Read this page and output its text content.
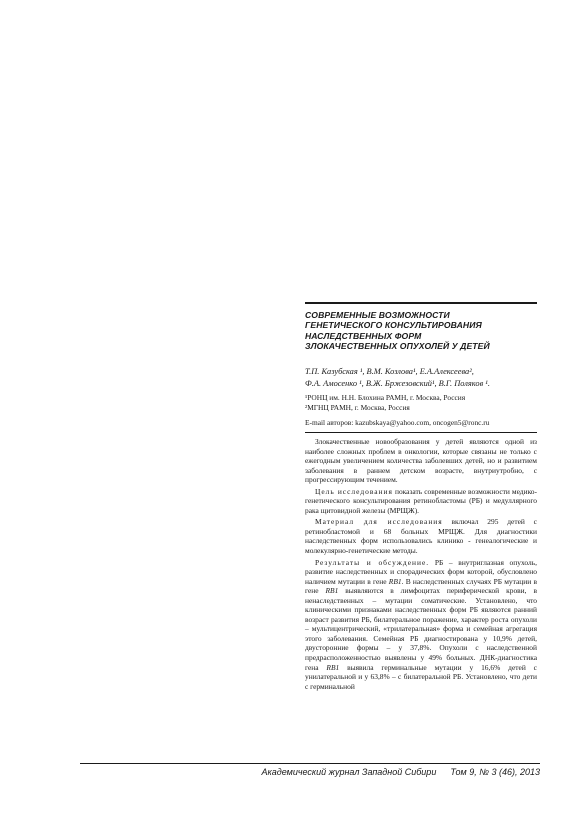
СОВРЕМЕННЫЕ ВОЗМОЖНОСТИ
ГЕНЕТИЧЕСКОГО КОНСУЛЬТИРОВАНИЯ
НАСЛЕДСТВЕННЫХ ФОРМ
ЗЛОКАЧЕСТВЕННЫХ ОПУХОЛЕЙ У ДЕТЕЙ
Т.П. Казубская ¹, В.М. Козлова¹, Е.А.Алексеева²,
Ф.А. Амосенко ¹, В.Ж. Бржезовский¹, В.Г. Поляков ¹.
¹РОНЦ им. Н.Н. Блохина РАМН, г. Москва, Россия
²МГНЦ РАМН, г. Москва, Россия
E-mail авторов: kazubskaya@yahoo.com, oncogen5@ronc.ru

Злокачественные новообразования у детей являются одной из наиболее сложных проблем в онкологии, которые связаны не только с ежегодным увеличением количества заболевших детей, но и развитием заболевания в раннем детском возрасте, внутриутробно, с прогрессирующим течением.

Цель исследования показать современные возможности медико-генетического консультирования ретинобластомы (РБ) и медуллярного рака щитовидной железы (МРЩЖ).

Материал для исследования включал 295 детей с ретинобластомой и 68 больных МРЩЖ. Для диагностики наследственных форм использовались клинико - генеалогические и молекулярно-генетические методы.

Результаты и обсуждение. РБ – внутриглазная опухоль, развитие наследственных и спорадических форм которой, обусловлено наличием мутации в гене RB1. В наследственных случаях РБ мутации в гене RB1 выявляются в лимфоцитах периферической крови, в ненаследственных – мутации соматические. Установлено, что клиническими признаками наследственных форм РБ являются ранний возраст развития РБ, билатеральное поражение, характер роста опухоли – мультицентрический, «трилатеральная» форма и семейная агрегация этого заболевания. Семейная РБ диагностирована у 10,9% детей, двусторонние формы – у 37,8%. Опухоли с наследственной предрасположенностью выявлены у 49% больных. ДНК-диагностика гена RB1 выявила герминальные мутации у 16,6% детей с унилатеральной и у 63,8% – с билатеральной РБ. Установлено, что дети с герминальной

Академический журнал Западной Сибири Том 9, № 3 (46), 2013
